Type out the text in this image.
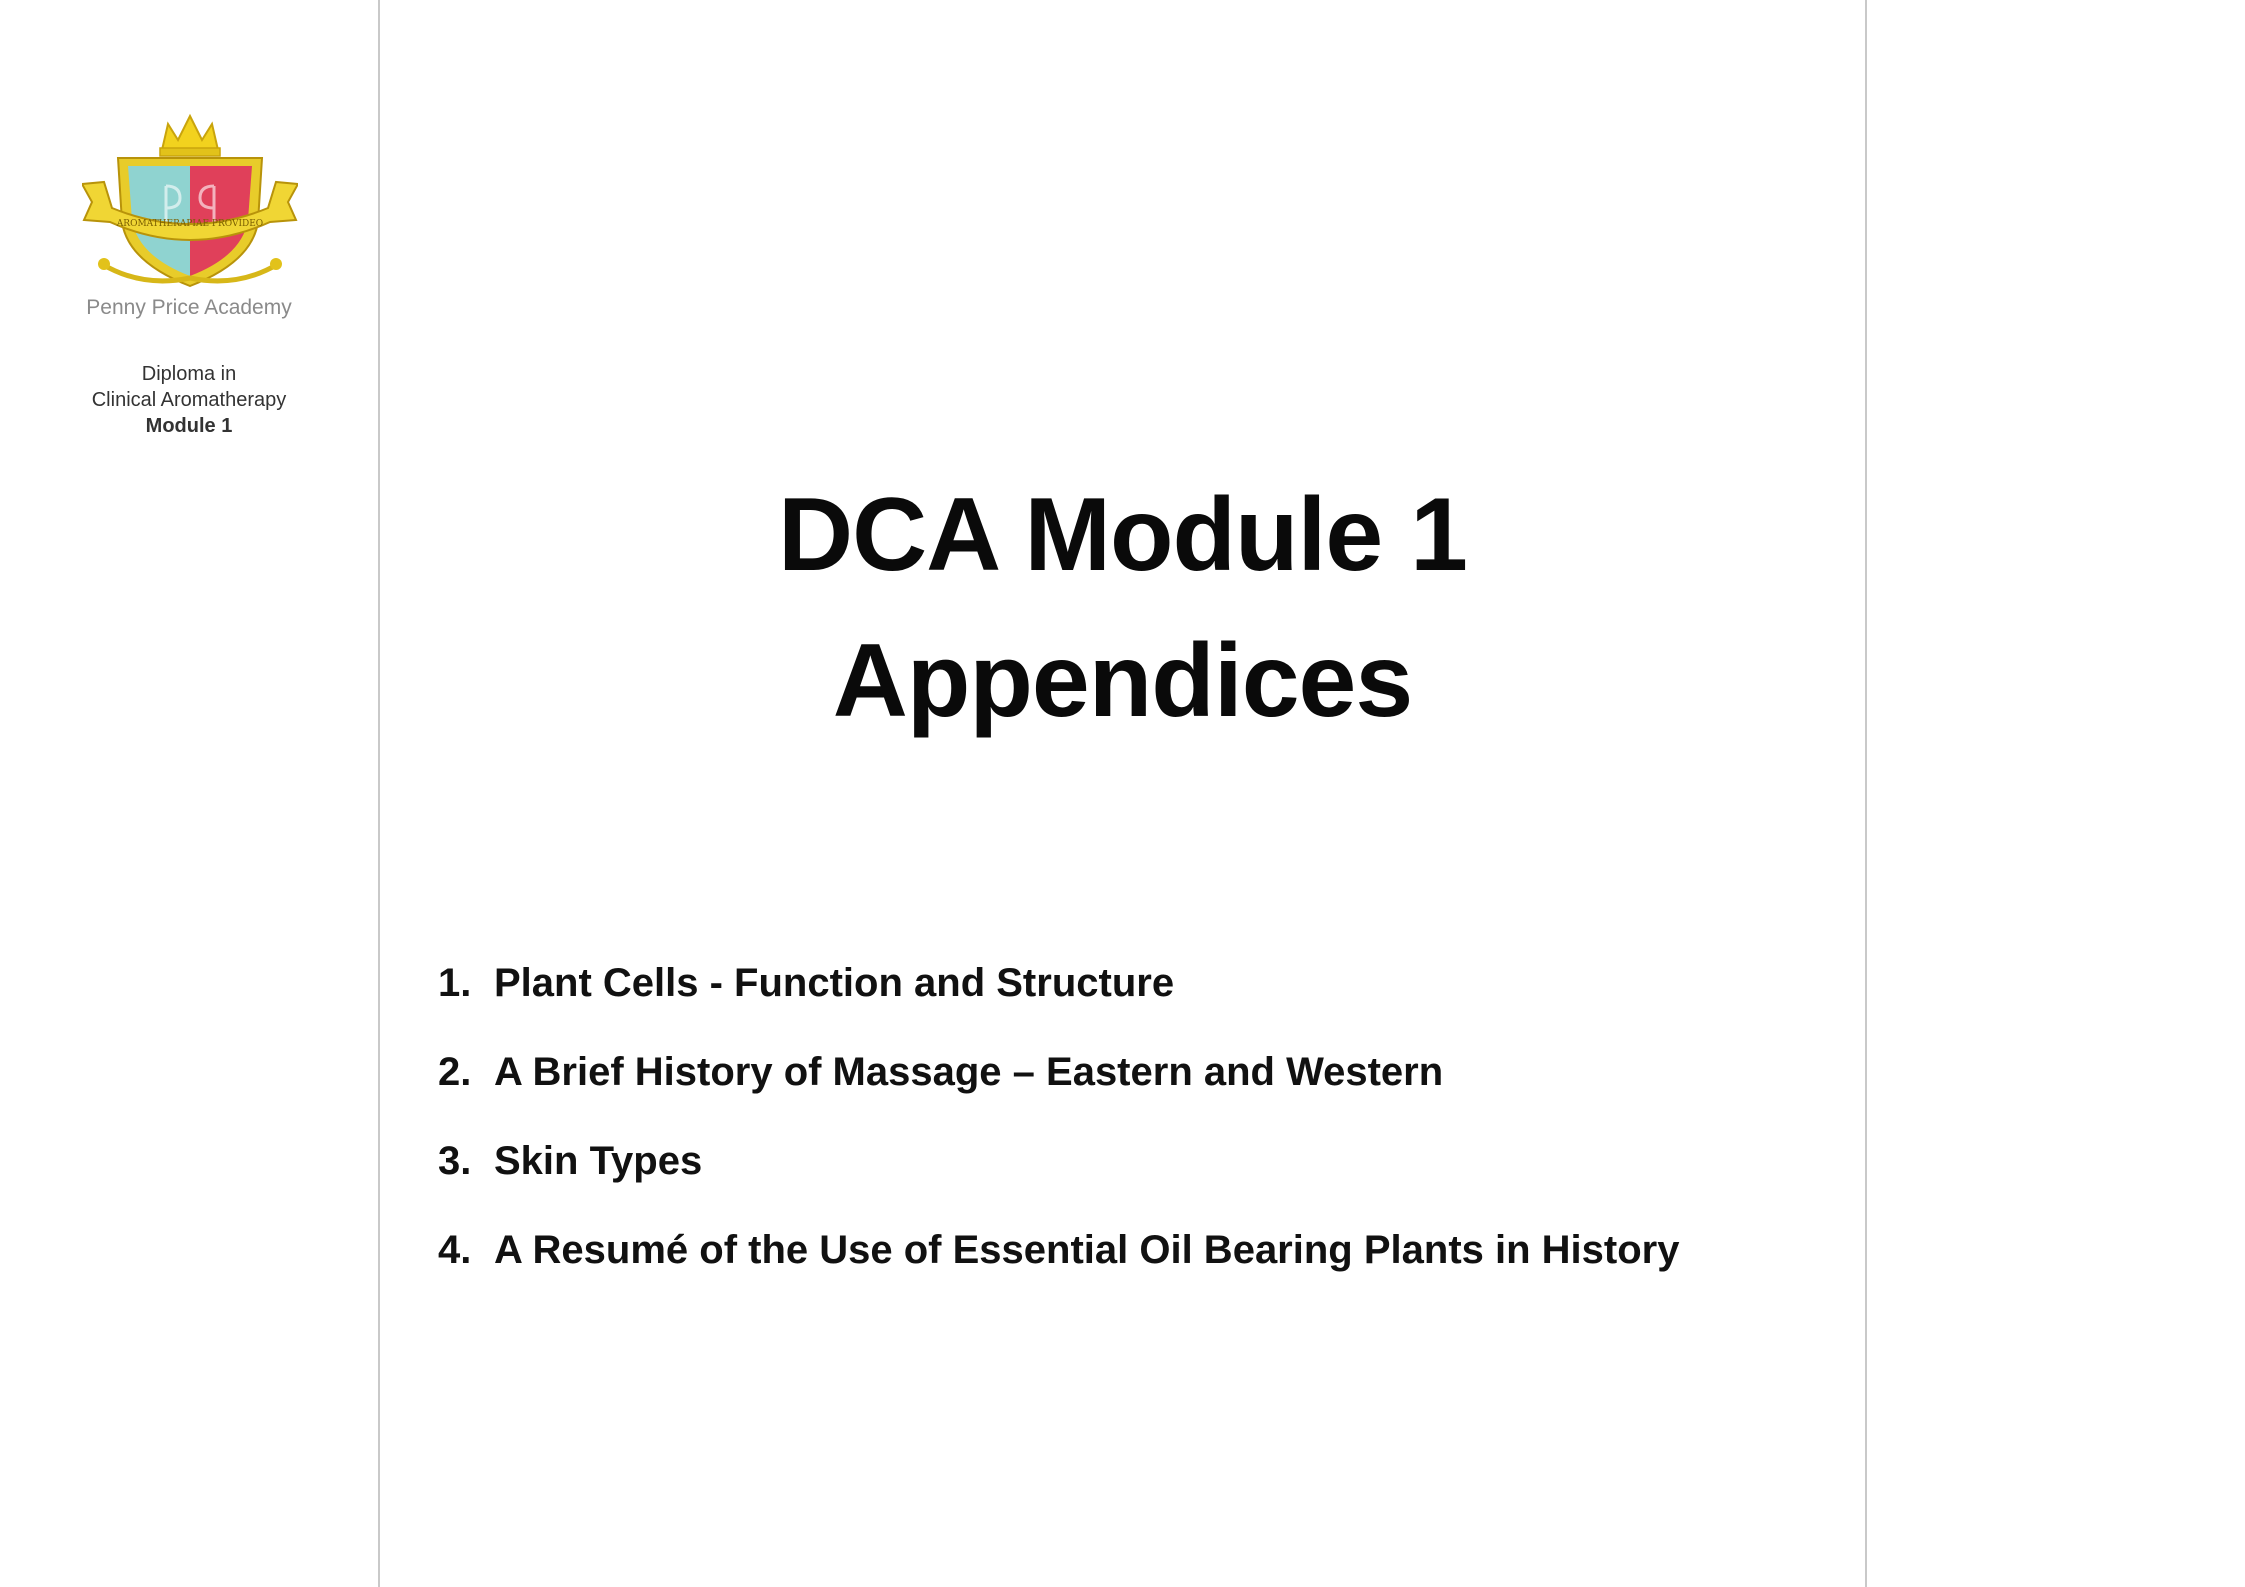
AROMATHERAPIAE PROVIDEO
Penny Price Academy
Diploma in
Clinical Aromatherapy
Module 1
DCA Module 1
Appendices
1. Plant Cells - Function and Structure
2. A Brief History of Massage – Eastern and Western
3. Skin Types
4. A Resumé of the Use of Essential Oil Bearing Plants in History
